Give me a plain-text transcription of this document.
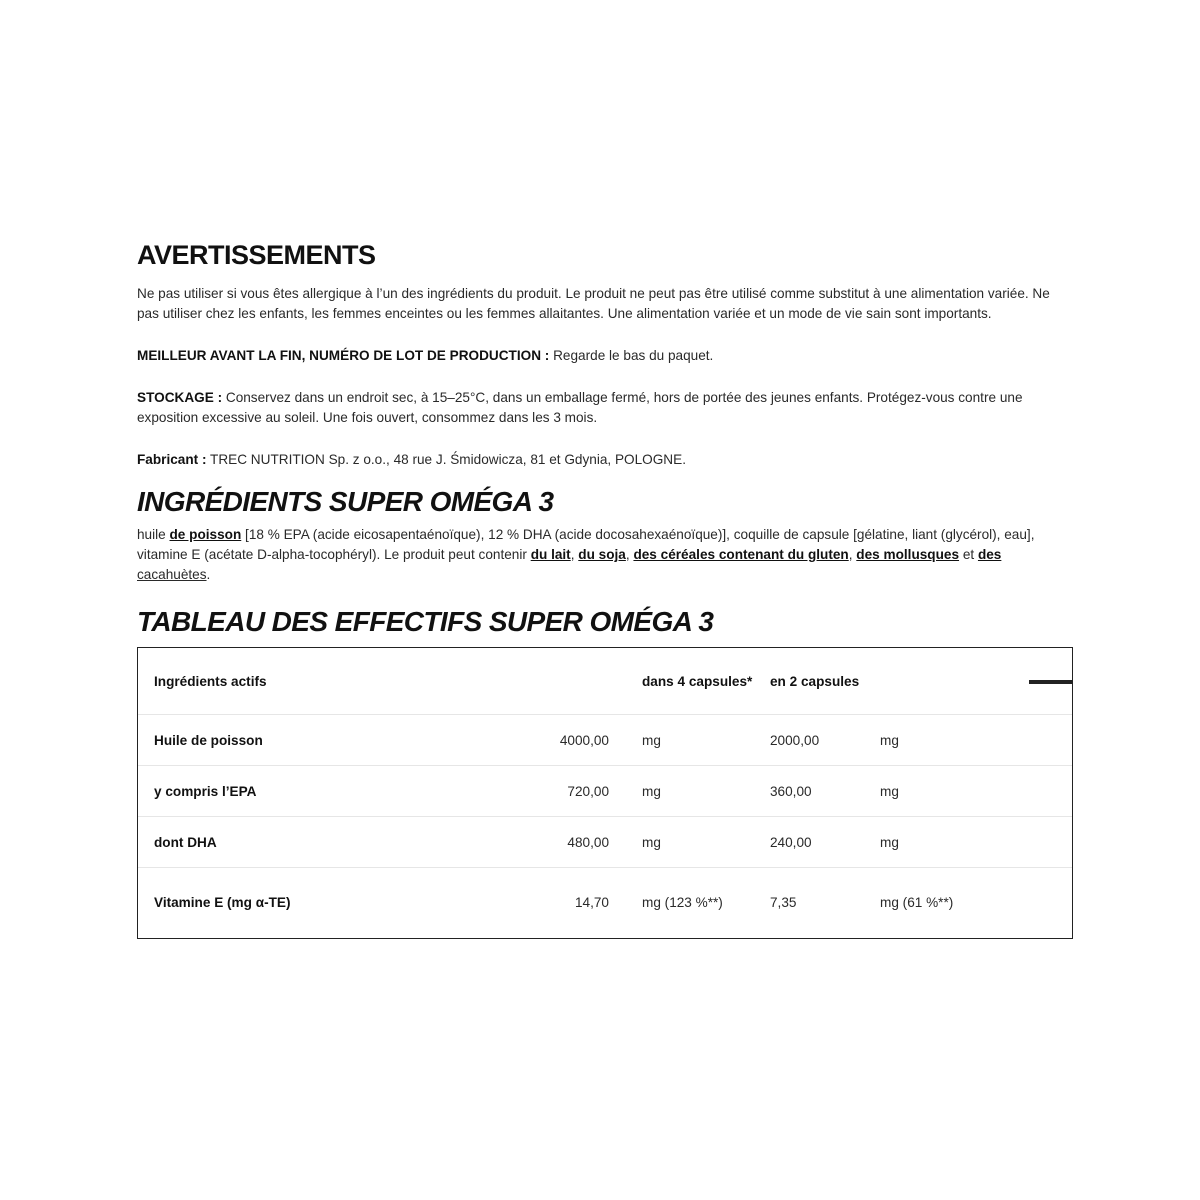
AVERTISSEMENTS

Ne pas utiliser si vous êtes allergique à l’un des ingrédients du produit. Le produit ne peut pas être utilisé comme substitut à une alimentation variée. Ne pas utiliser chez les enfants, les femmes enceintes ou les femmes allaitantes. Une alimentation variée et un mode de vie sain sont importants.

MEILLEUR AVANT LA FIN, NUMÉRO DE LOT DE PRODUCTION : Regarde le bas du paquet.

STOCKAGE : Conservez dans un endroit sec, à 15–25°C, dans un emballage fermé, hors de portée des jeunes enfants. Protégez-vous contre une exposition excessive au soleil. Une fois ouvert, consommez dans les 3 mois.

Fabricant : TREC NUTRITION Sp. z o.o., 48 rue J. Śmidowicza, 81 et Gdynia, POLOGNE.

INGRÉDIENTS SUPER OMÉGA 3

huile de poisson [18 % EPA (acide eicosapentaénoïque), 12 % DHA (acide docosahexaénoïque)], coquille de capsule [gélatine, liant (glycérol), eau], vitamine E (acétate D-alpha-tocophéryl). Le produit peut contenir du lait, du soja, des céréales contenant du gluten, des mollusques et des cacahuètes.

TABLEAU DES EFFECTIFS SUPER OMÉGA 3
Ingrédients actifs		dans 4 capsules*	en 2 capsules	
Huile de poisson	4000,00	mg	2000,00	mg
y compris l’EPA	720,00	mg	360,00	mg
dont DHA	480,00	mg	240,00	mg
Vitamine E (mg α-TE)	14,70	mg (123 %**)	7,35	mg (61 %**)
